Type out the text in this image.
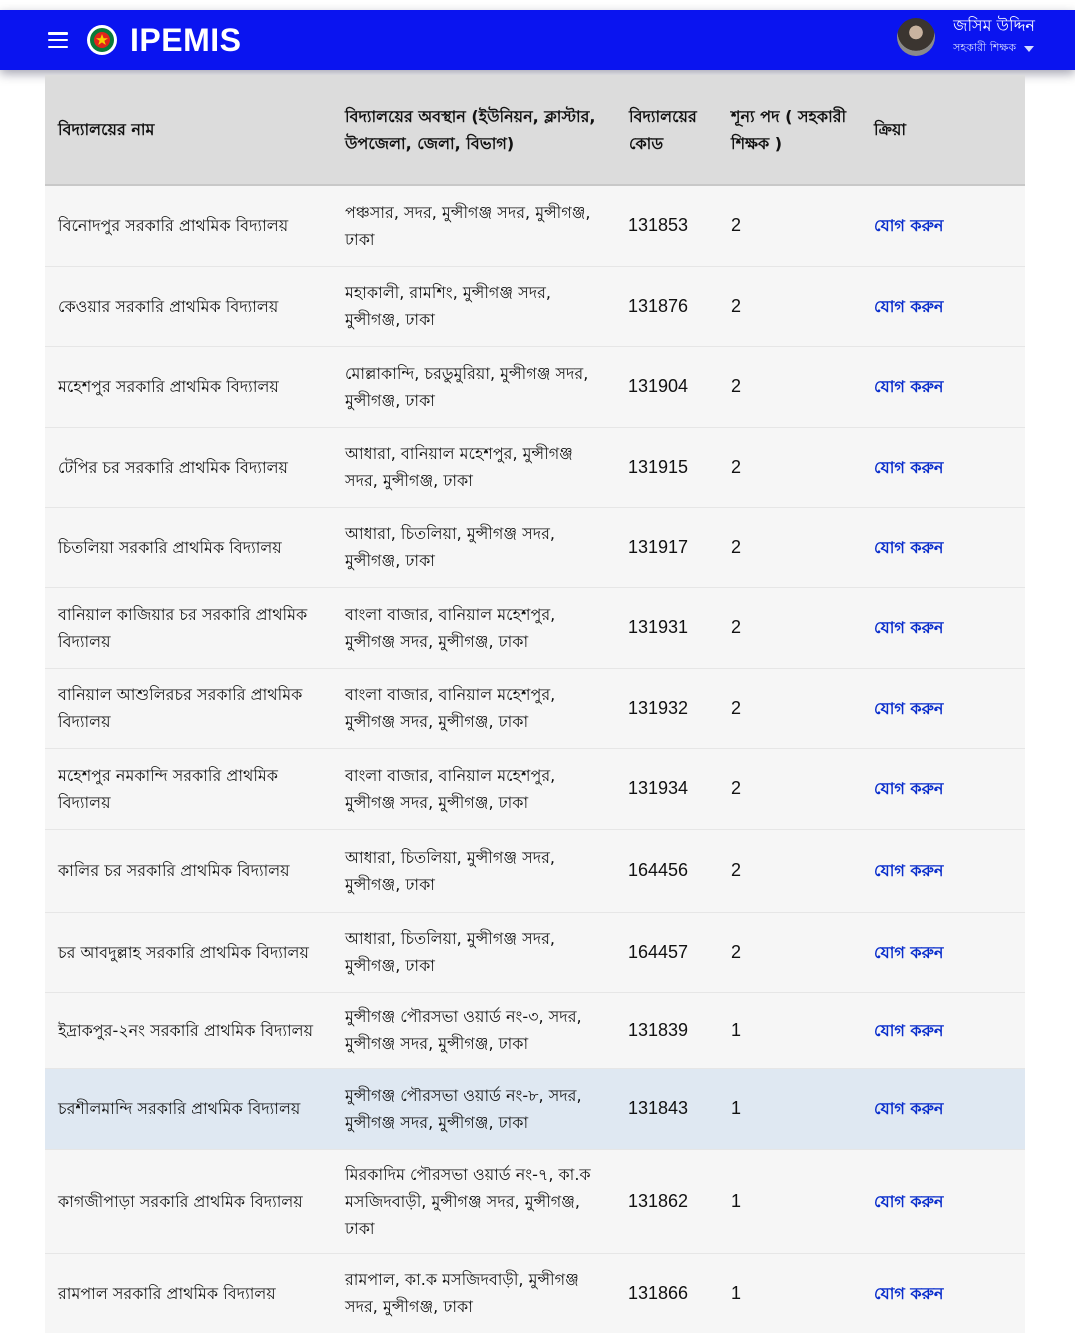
IPEMIS	জসিম উদ্দিন
সহকারী শিক্ষক
বিদ্যালয়ের নাম	বিদ্যালয়ের অবস্থান (ইউনিয়ন, ক্লাস্টার, উপজেলা, জেলা, বিভাগ)	বিদ্যালয়ের কোড	শূন্য পদ ( সহকারী শিক্ষক )	ক্রিয়া
বিনোদপুর সরকারি প্রাথমিক বিদ্যালয়	পঞ্চসার, সদর, মুন্সীগঞ্জ সদর, মুন্সীগঞ্জ, ঢাকা	131853	2	যোগ করুন
কেওয়ার সরকারি প্রাথমিক বিদ্যালয়	মহাকালী, রামশিং, মুন্সীগঞ্জ সদর, মুন্সীগঞ্জ, ঢাকা	131876	2	যোগ করুন
মহেশপুর সরকারি প্রাথমিক বিদ্যালয়	মোল্লাকান্দি, চরডুমুরিয়া, মুন্সীগঞ্জ সদর, মুন্সীগঞ্জ, ঢাকা	131904	2	যোগ করুন
টেপির চর সরকারি প্রাথমিক বিদ্যালয়	আধারা, বানিয়াল মহেশপুর, মুন্সীগঞ্জ সদর, মুন্সীগঞ্জ, ঢাকা	131915	2	যোগ করুন
চিতলিয়া সরকারি প্রাথমিক বিদ্যালয়	আধারা, চিতলিয়া, মুন্সীগঞ্জ সদর, মুন্সীগঞ্জ, ঢাকা	131917	2	যোগ করুন
বানিয়াল কাজিয়ার চর সরকারি প্রাথমিক বিদ্যালয়	বাংলা বাজার, বানিয়াল মহেশপুর, মুন্সীগঞ্জ সদর, মুন্সীগঞ্জ, ঢাকা	131931	2	যোগ করুন
বানিয়াল আশুলিরচর সরকারি প্রাথমিক বিদ্যালয়	বাংলা বাজার, বানিয়াল মহেশপুর, মুন্সীগঞ্জ সদর, মুন্সীগঞ্জ, ঢাকা	131932	2	যোগ করুন
মহেশপুর নমকান্দি সরকারি প্রাথমিক বিদ্যালয়	বাংলা বাজার, বানিয়াল মহেশপুর, মুন্সীগঞ্জ সদর, মুন্সীগঞ্জ, ঢাকা	131934	2	যোগ করুন
কালির চর সরকারি প্রাথমিক বিদ্যালয়	আধারা, চিতলিয়া, মুন্সীগঞ্জ সদর, মুন্সীগঞ্জ, ঢাকা	164456	2	যোগ করুন
চর আবদুল্লাহ সরকারি প্রাথমিক বিদ্যালয়	আধারা, চিতলিয়া, মুন্সীগঞ্জ সদর, মুন্সীগঞ্জ, ঢাকা	164457	2	যোগ করুন
ইদ্রাকপুর-২নং সরকারি প্রাথমিক বিদ্যালয়	মুন্সীগঞ্জ পৌরসভা ওয়ার্ড নং-৩, সদর, মুন্সীগঞ্জ সদর, মুন্সীগঞ্জ, ঢাকা	131839	1	যোগ করুন
চরশীলমান্দি সরকারি প্রাথমিক বিদ্যালয়	মুন্সীগঞ্জ পৌরসভা ওয়ার্ড নং-৮, সদর, মুন্সীগঞ্জ সদর, মুন্সীগঞ্জ, ঢাকা	131843	1	যোগ করুন
কাগজীপাড়া সরকারি প্রাথমিক বিদ্যালয়	মিরকাদিম পৌরসভা ওয়ার্ড নং-৭, কা.ক মসজিদবাড়ী, মুন্সীগঞ্জ সদর, মুন্সীগঞ্জ, ঢাকা	131862	1	যোগ করুন
রামপাল সরকারি প্রাথমিক বিদ্যালয়	রামপাল, কা.ক মসজিদবাড়ী, মুন্সীগঞ্জ সদর, মুন্সীগঞ্জ, ঢাকা	131866	1	যোগ করুন
